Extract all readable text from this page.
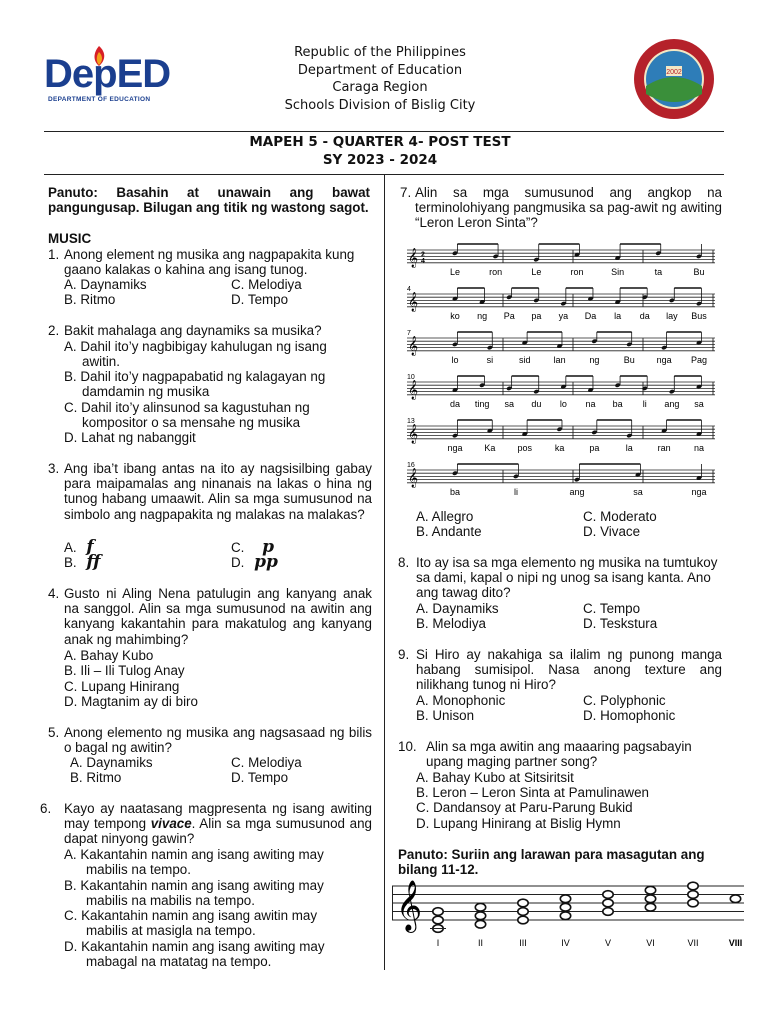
DepED
DEPARTMENT OF EDUCATION
Republic of the Philippines
Department of Education
Caraga Region
Schools Division of Bislig City
2002
MAPEH 5 - QUARTER 4- POST TEST
SY 2023 - 2024
Panuto: Basahin at unawain ang bawat pangungusap. Bilugan ang titik ng wastong sagot.
MUSIC
1. Anong element ng musika ang nagpapakita kung gaano kalakas o kahina ang isang tunog.
A. Daynamiks	C. Melodiya
B. Ritmo	D. Tempo
2. Bakit mahalaga ang daynamiks sa musika?
A. Dahil ito’y nagbibigay kahulugan ng isang
awitin.
B. Dahil ito’y nagpapabatid ng kalagayan ng
damdamin ng musika
C. Dahil ito’y alinsunod sa kagustuhan ng
kompositor o sa mensahe ng musika
D. Lahat ng nabanggit
3. Ang iba’t ibang antas na ito ay nagsisilbing gabay para maipamalas ang ninanais na lakas o hina ng tunog habang umaawit. Alin sa mga sumusunod na simbolo ang nagpapakita ng malakas na malakas?
A. f	C. p
B. ff	D. pp
4. Gusto ni Aling Nena patulugin ang kanyang anak na sanggol. Alin sa mga sumusunod na awitin ang kanyang kakantahin para makatulog ang kanyang anak ng mahimbing?
A. Bahay Kubo
B. Ili – Ili Tulog Anay
C. Lupang Hinirang
D. Magtanim ay di biro
5. Anong elemento ng musika ang nagsasaad ng bilis o bagal ng awitin?
A. Daynamiks	C. Melodiya
B. Ritmo	D. Tempo
6. Kayo ay naatasang magpresenta ng isang awiting may tempong vivace. Alin sa mga sumusunod ang dapat ninyong gawin?
A. Kakantahin namin ang isang awiting may
mabilis na tempo.
B. Kakantahin namin ang isang awiting may
mabilis na mabilis na tempo.
C. Kakantahin namin ang isang awitin may
mabilis at masigla na tempo.
D. Kakantahin namin ang isang awiting may
mabagal na matatag na tempo.
7. Alin sa mga sumusunod ang angkop na terminolohiyang pangmusika sa pag-awit ng awiting “Leron Leron Sinta”?
𝄞 2
4
Le	ron	Le	ron	Sin	ta	Bu
𝄞
4
ko ng Pa pa ya Da la da lay Bus
𝄞
7
lo	si	sid	lan	ng	Bu nga Pag
𝄞
10
da ting sa du lo na ba li ang sa
𝄞
13
nga Ka pos	ka	pa	la	ran	na
𝄞
16
ba	li	ang	sa	nga
A. Allegro	C. Moderato
B. Andante	D. Vivace
8. Ito ay isa sa mga elemento ng musika na tumtukoy sa dami, kapal o nipi ng unog sa isang kanta. Ano ang tawag dito?
A. Daynamiks	C. Tempo
B. Melodiya	D. Teskstura
9. Si Hiro ay nakahiga sa ilalim ng punong manga habang sumisipol. Nasa anong texture ang nilikhang tunog ni Hiro?
A. Monophonic	C. Polyphonic
B. Unison	D. Homophonic
10. Alin sa mga awitin ang maaaring pagsabayin upang maging partner song?
A. Bahay Kubo at Sitsiritsit
B. Leron – Leron Sinta at Pamulinawen
C. Dandansoy at Paru-Parung Bukid
D. Lupang Hinirang at Bislig Hymn
Panuto: Suriin ang larawan para masagutan ang bilang 11-12.
𝄞
I	II	III	IV	V	VI	VII	VIII
